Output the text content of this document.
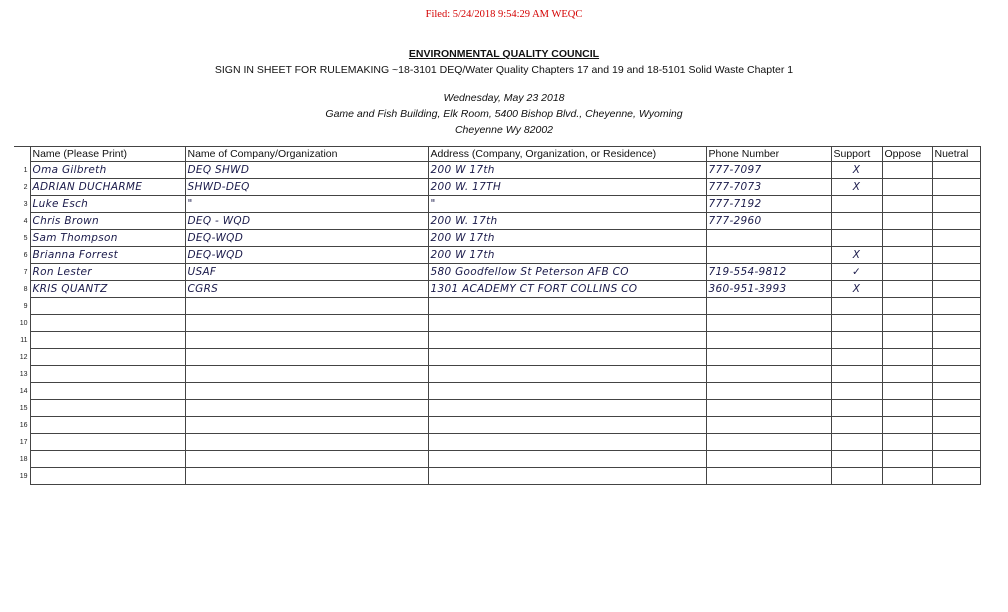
Filed: 5/24/2018 9:54:29 AM WEQC
ENVIRONMENTAL QUALITY COUNCIL
SIGN IN SHEET FOR RULEMAKING ~18-3101 DEQ/Water Quality Chapters 17 and 19 and 18-5101 Solid Waste Chapter 1
Wednesday, May 23 2018
Game and Fish Building, Elk Room, 5400 Bishop Blvd., Cheyenne, Wyoming
Cheyenne Wy 82002
	Name (Please Print)	Name of Company/Organization	Address (Company, Organization, or Residence)	Phone Number	Support	Oppose	Nuetral
1	Oma Gilbreth	DEQ SHWD	200 W 17th	777-7097	X		
2	ADRIAN DUCHARME	SHWD-DEQ	200 W. 17TH	777-7073	X		
3	Luke Esch	"	"	777-7192			
4	Chris Brown	DEQ - WQD	200 W. 17th	777-2960			
5	Sam Thompson	DEQ-WQD	200 W 17th				
6	Brianna Forrest	DEQ-WQD	200 W 17th		X		
7	Ron Lester	USAF	580 Goodfellow St Peterson AFB CO	719-554-9812	✓		
8	KRIS QUANTZ	CGRS	1301 ACADEMY CT FORT COLLINS CO	360-951-3993	X		
9							
10							
11							
12							
13							
14							
15							
16							
17							
18							
19							
